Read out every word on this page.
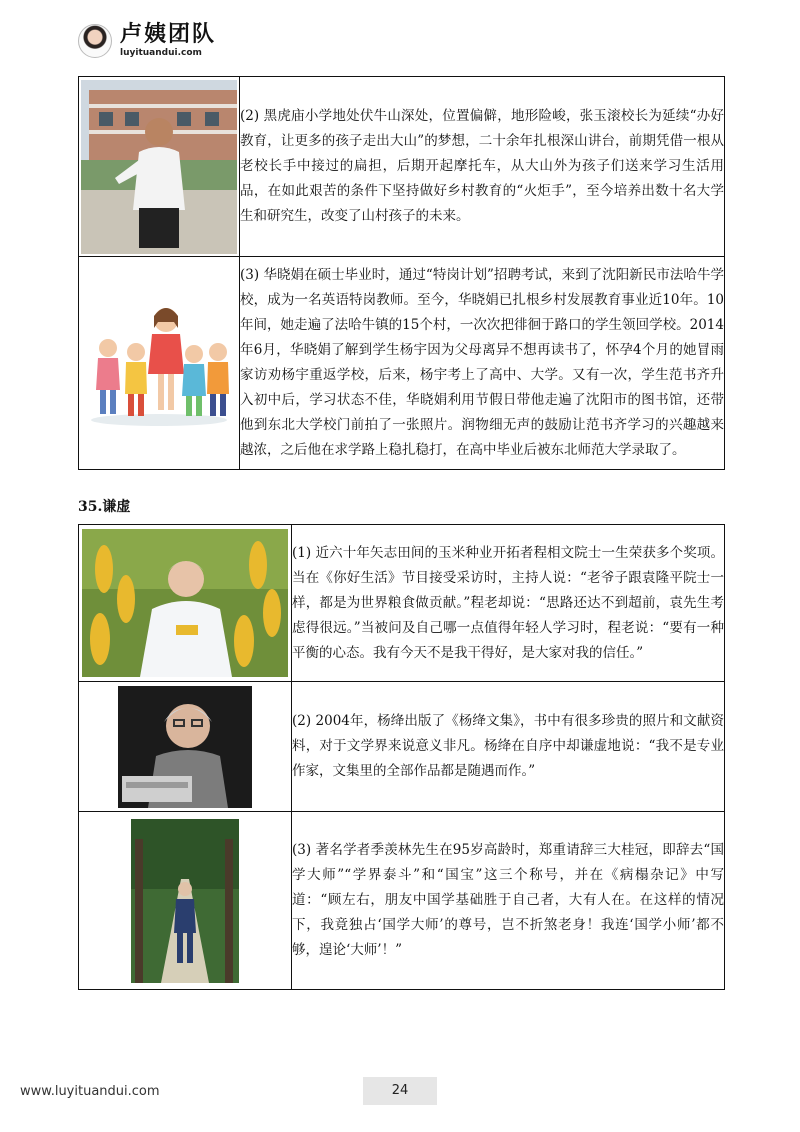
卢姨团队
luyituandui.com
	(2) 黑虎庙小学地处伏牛山深处，位置偏僻，地形险峻，张玉滚校长为延续“办好教育，让更多的孩子走出大山”的梦想，二十余年扎根深山讲台，前期凭借一根从老校长手中接过的扁担，后期开起摩托车，从大山外为孩子们送来学习生活用品，在如此艰苦的条件下坚持做好乡村教育的“火炬手”，至今培养出数十名大学生和研究生，改变了山村孩子的未来。

	(3) 华晓娟在硕士毕业时，通过“特岗计划”招聘考试，来到了沈阳新民市法哈牛学校，成为一名英语特岗教师。至今，华晓娟已扎根乡村发展教育事业近10年。10年间，她走遍了法哈牛镇的15个村，一次次把徘徊于路口的学生领回学校。2014年6月，华晓娟了解到学生杨宇因为父母离异不想再读书了，怀孕4个月的她冒雨家访劝杨宇重返学校，后来，杨宇考上了高中、大学。又有一次，学生范书齐升入初中后，学习状态不佳，华晓娟利用节假日带他走遍了沈阳市的图书馆，还带他到东北大学校门前拍了一张照片。润物细无声的鼓励让范书齐学习的兴趣越来越浓，之后他在求学路上稳扎稳打，在高中毕业后被东北师范大学录取了。
35.谦虚
	(1) 近六十年矢志田间的玉米种业开拓者程相文院士一生荣获多个奖项。当在《你好生活》节目接受采访时，主持人说：“老爷子跟袁隆平院士一样，都是为世界粮食做贡献。”程老却说：“思路还达不到超前，袁先生考虑得很远。”当被问及自己哪一点值得年轻人学习时，程老说：“要有一种平衡的心态。我有今天不是我干得好，是大家对我的信任。”

	(2) 2004年，杨绛出版了《杨绛文集》，书中有很多珍贵的照片和文献资料，对于文学界来说意义非凡。杨绛在自序中却谦虚地说：“我不是专业作家，文集里的全部作品都是随遇而作。”

	(3) 著名学者季羡林先生在95岁高龄时，郑重请辞三大桂冠，即辞去“国学大师”“学界泰斗”和“国宝”这三个称号，并在《病榻杂记》中写道：“顾左右，朋友中国学基础胜于自己者，大有人在。在这样的情况下，我竟独占‘国学大师’的尊号，岂不折煞老身！我连‘国学小师’都不够，遑论‘大师’！”
www.luyituandui.com	24
